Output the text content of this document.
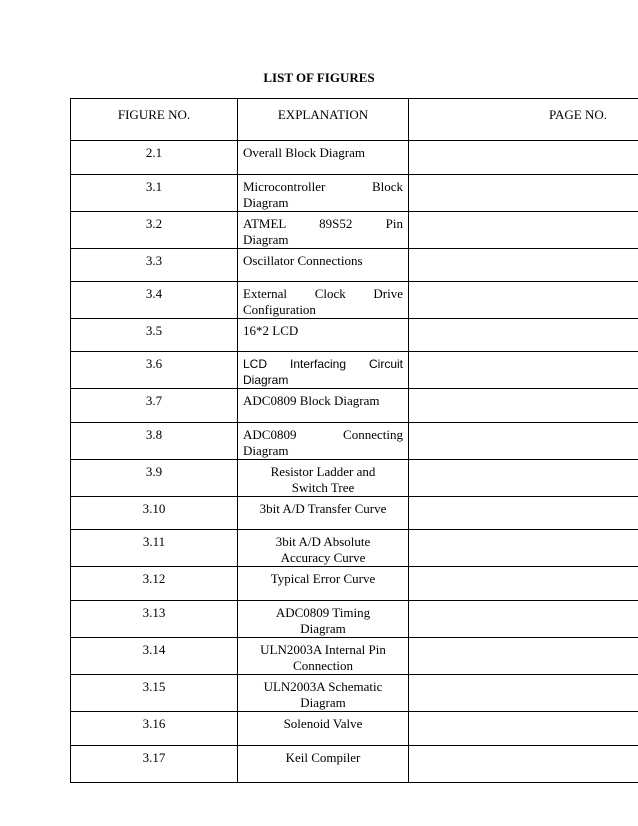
LIST OF FIGURES
FIGURE NO.	EXPLANATION	PAGE NO.

2.1	Overall Block Diagram	

3.1	Microcontroller Block
Diagram	

3.2	ATMEL 89S52 Pin
Diagram	

3.3	Oscillator Connections	

3.4	External Clock Drive
Configuration	

3.5	16*2 LCD	

3.6	LCD Interfacing Circuit
Diagram	

3.7	ADC0809 Block Diagram	

3.8	ADC0809 Connecting
Diagram	

3.9	Resistor Ladder and
Switch Tree	

3.10	3bit A/D Transfer Curve	

3.11	3bit A/D Absolute
Accuracy Curve	

3.12	Typical Error Curve	

3.13	ADC0809 Timing
Diagram	

3.14	ULN2003A Internal Pin
Connection	

3.15	ULN2003A Schematic
Diagram	

3.16	Solenoid Valve	

3.17	Keil Compiler	
